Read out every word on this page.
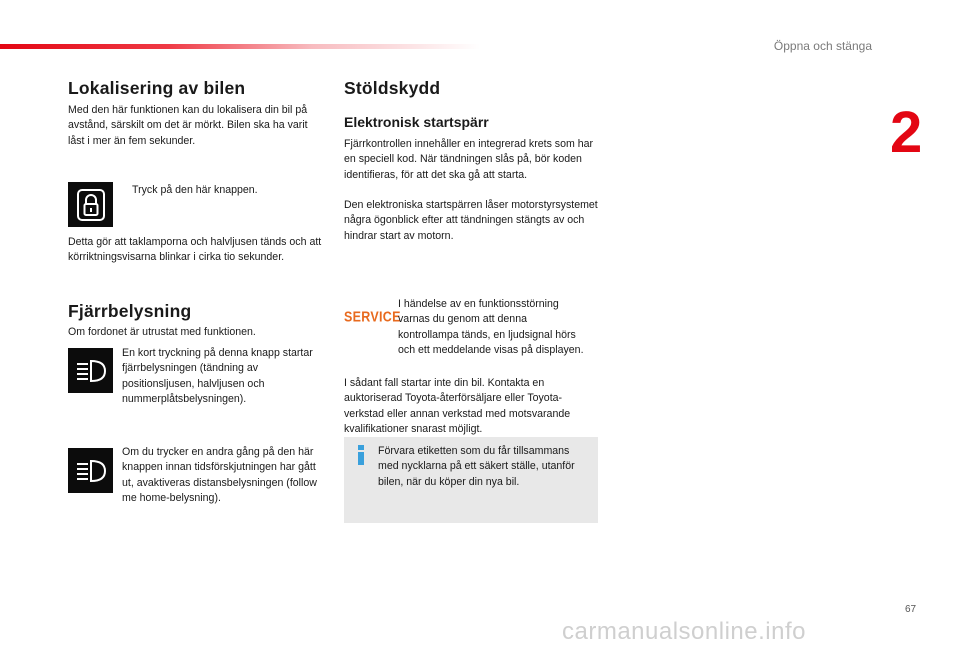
Öppna och stänga
2
Lokalisering av bilen

Med den här funktionen kan du lokalisera din bil på avstånd, särskilt om det är mörkt. Bilen ska ha varit låst i mer än fem sekunder.

Tryck på den här knappen.

Detta gör att taklamporna och halvljusen tänds och att körriktningsvisarna blinkar i cirka tio sekunder.

Fjärrbelysning

Om fordonet är utrustat med funktionen.

En kort tryckning på denna knapp startar fjärrbelysningen (tändning av positionsljusen, halvljusen och nummerplåtsbelysningen).

Om du trycker en andra gång på den här knappen innan tidsförskjutningen har gått ut, avaktiveras distansbelysningen (follow me home-belysning).

Stöldskydd
Elektronisk startspärr

Fjärrkontrollen innehåller en integrerad krets som har en speciell kod. När tändningen slås på, bör koden identifieras, för att det ska gå att starta.

Den elektroniska startspärren låser motorstyrsystemet några ögonblick efter att tändningen stängts av och hindrar start av motorn.

SERVICE

I händelse av en funktionsstörning varnas du genom att denna kontrollampa tänds, en ljudsignal hörs och ett meddelande visas på displayen.

I sådant fall startar inte din bil. Kontakta en auktoriserad Toyota-återförsäljare eller Toyota-verkstad eller annan verkstad med motsvarande kvalifikationer snarast möjligt.

Förvara etiketten som du får tillsammans med nycklarna på ett säkert ställe, utanför bilen, när du köper din nya bil.

67
carmanualsonline.info
